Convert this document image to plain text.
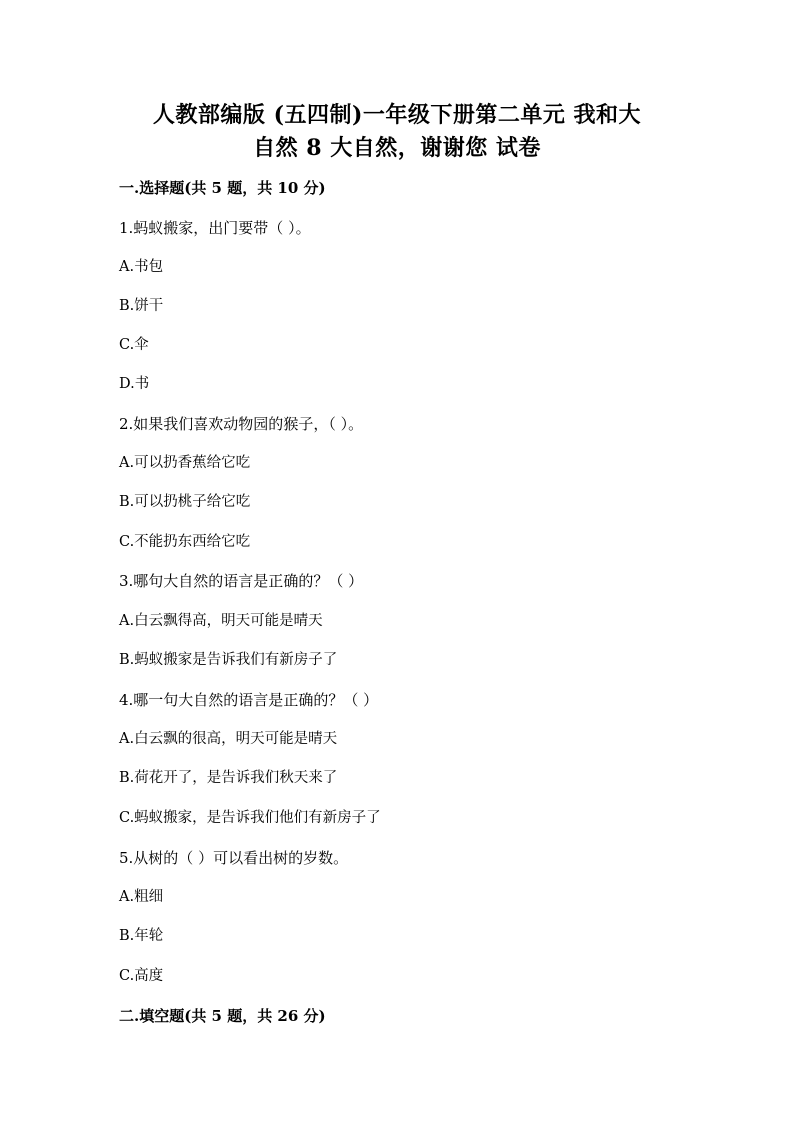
人教部编版 (五四制)一年级下册第二单元 我和大
自然 8 大自然，谢谢您 试卷
一.选择题(共 5 题，共 10 分)
1.蚂蚁搬家，出门要带（ ）。
A.书包
B.饼干
C.伞
D.书
2.如果我们喜欢动物园的猴子，（ ）。
A.可以扔香蕉给它吃
B.可以扔桃子给它吃
C.不能扔东西给它吃
3.哪句大自然的语言是正确的？（ ）
A.白云飘得高，明天可能是晴天
B.蚂蚁搬家是告诉我们有新房子了
4.哪一句大自然的语言是正确的？（ ）
A.白云飘的很高，明天可能是晴天
B.荷花开了，是告诉我们秋天来了
C.蚂蚁搬家，是告诉我们他们有新房子了
5.从树的（ ）可以看出树的岁数。
A.粗细
B.年轮
C.高度
二.填空题(共 5 题，共 26 分)
